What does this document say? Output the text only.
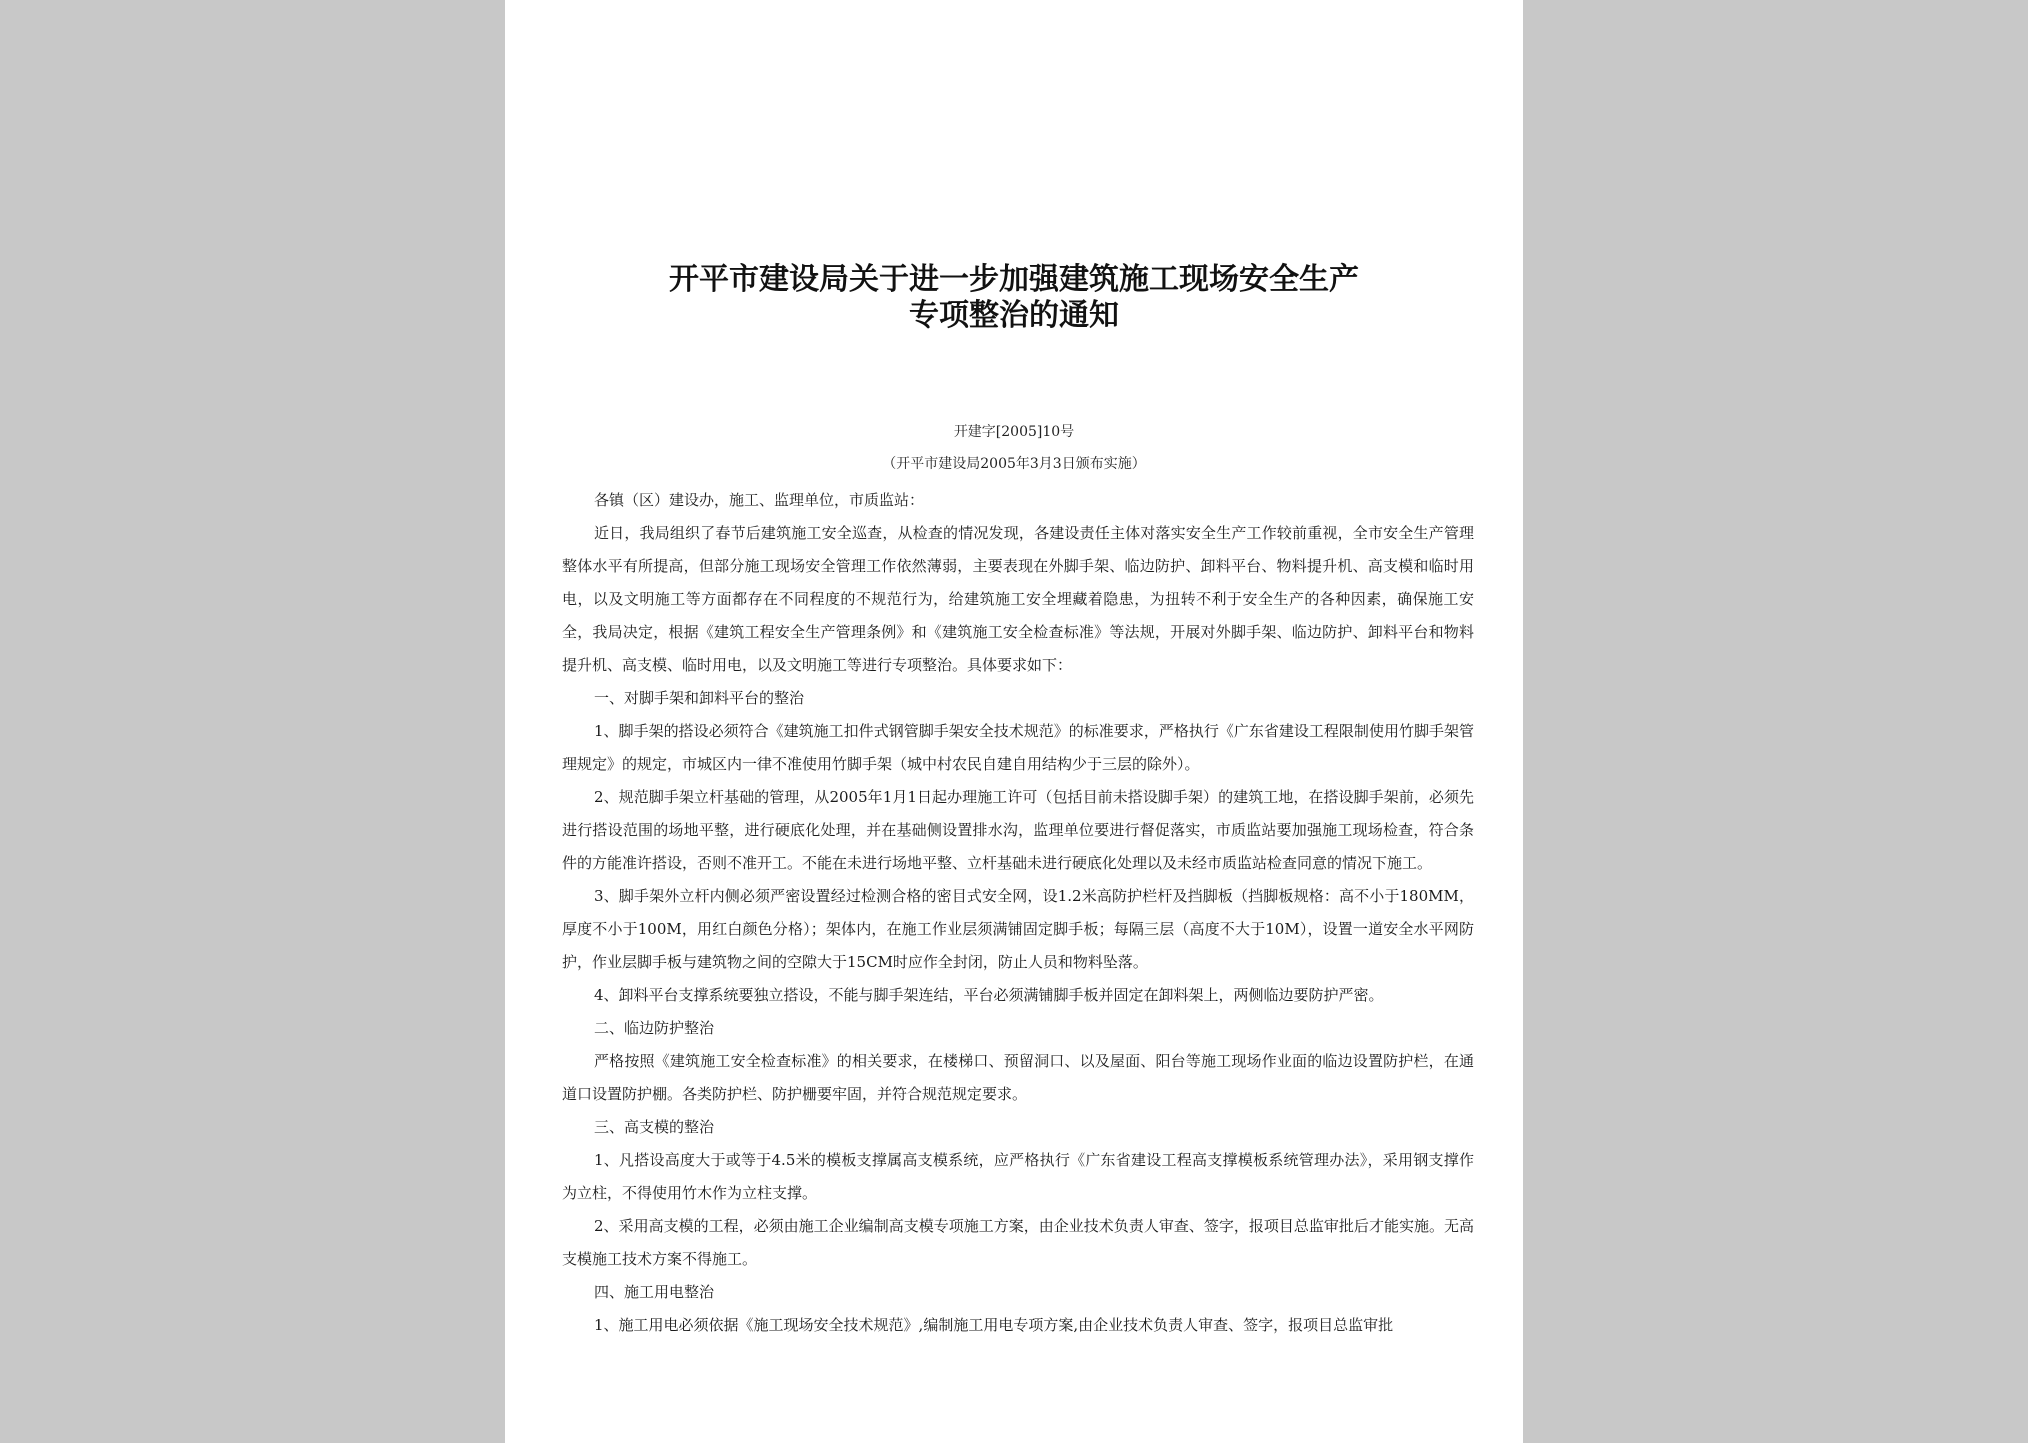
开平市建设局关于进一步加强建筑施工现场安全生产
专项整治的通知
开建字[2005]10号
（开平市建设局2005年3月3日颁布实施）

各镇（区）建设办，施工、监理单位，市质监站：

近日，我局组织了春节后建筑施工安全巡查，从检查的情况发现，各建设责任主体对落实安全生产工作较前重视，全市安全生产管理整体水平有所提高，但部分施工现场安全管理工作依然薄弱，主要表现在外脚手架、临边防护、卸料平台、物料提升机、高支模和临时用电，以及文明施工等方面都存在不同程度的不规范行为，给建筑施工安全埋藏着隐患，为扭转不利于安全生产的各种因素，确保施工安全，我局决定，根据《建筑工程安全生产管理条例》和《建筑施工安全检查标准》等法规，开展对外脚手架、临边防护、卸料平台和物料提升机、高支模、临时用电，以及文明施工等进行专项整治。具体要求如下：

一、对脚手架和卸料平台的整治

1、脚手架的搭设必须符合《建筑施工扣件式钢管脚手架安全技术规范》的标准要求，严格执行《广东省建设工程限制使用竹脚手架管理规定》的规定，市城区内一律不准使用竹脚手架（城中村农民自建自用结构少于三层的除外）。

2、规范脚手架立杆基础的管理，从2005年1月1日起办理施工许可（包括目前未搭设脚手架）的建筑工地，在搭设脚手架前，必须先进行搭设范围的场地平整，进行硬底化处理，并在基础侧设置排水沟，监理单位要进行督促落实，市质监站要加强施工现场检查，符合条件的方能准许搭设，否则不准开工。不能在未进行场地平整、立杆基础未进行硬底化处理以及未经市质监站检查同意的情况下施工。

3、脚手架外立杆内侧必须严密设置经过检测合格的密目式安全网，设1.2米高防护栏杆及挡脚板（挡脚板规格：高不小于180MM，厚度不小于100M，用红白颜色分格）；架体内，在施工作业层须满铺固定脚手板；每隔三层（高度不大于10M），设置一道安全水平网防护，作业层脚手板与建筑物之间的空隙大于15CM时应作全封闭，防止人员和物料坠落。

4、卸料平台支撑系统要独立搭设，不能与脚手架连结，平台必须满铺脚手板并固定在卸料架上，两侧临边要防护严密。

二、临边防护整治

严格按照《建筑施工安全检查标准》的相关要求，在楼梯口、预留洞口、以及屋面、阳台等施工现场作业面的临边设置防护栏，在通道口设置防护棚。各类防护栏、防护栅要牢固，并符合规范规定要求。

三、高支模的整治

1、凡搭设高度大于或等于4.5米的模板支撑属高支模系统，应严格执行《广东省建设工程高支撑模板系统管理办法》，采用钢支撑作为立柱，不得使用竹木作为立柱支撑。

2、采用高支模的工程，必须由施工企业编制高支模专项施工方案，由企业技术负责人审查、签字，报项目总监审批后才能实施。无高支模施工技术方案不得施工。

四、施工用电整治

1、施工用电必须依据《施工现场安全技术规范》,编制施工用电专项方案,由企业技术负责人审查、签字，报项目总监审批
